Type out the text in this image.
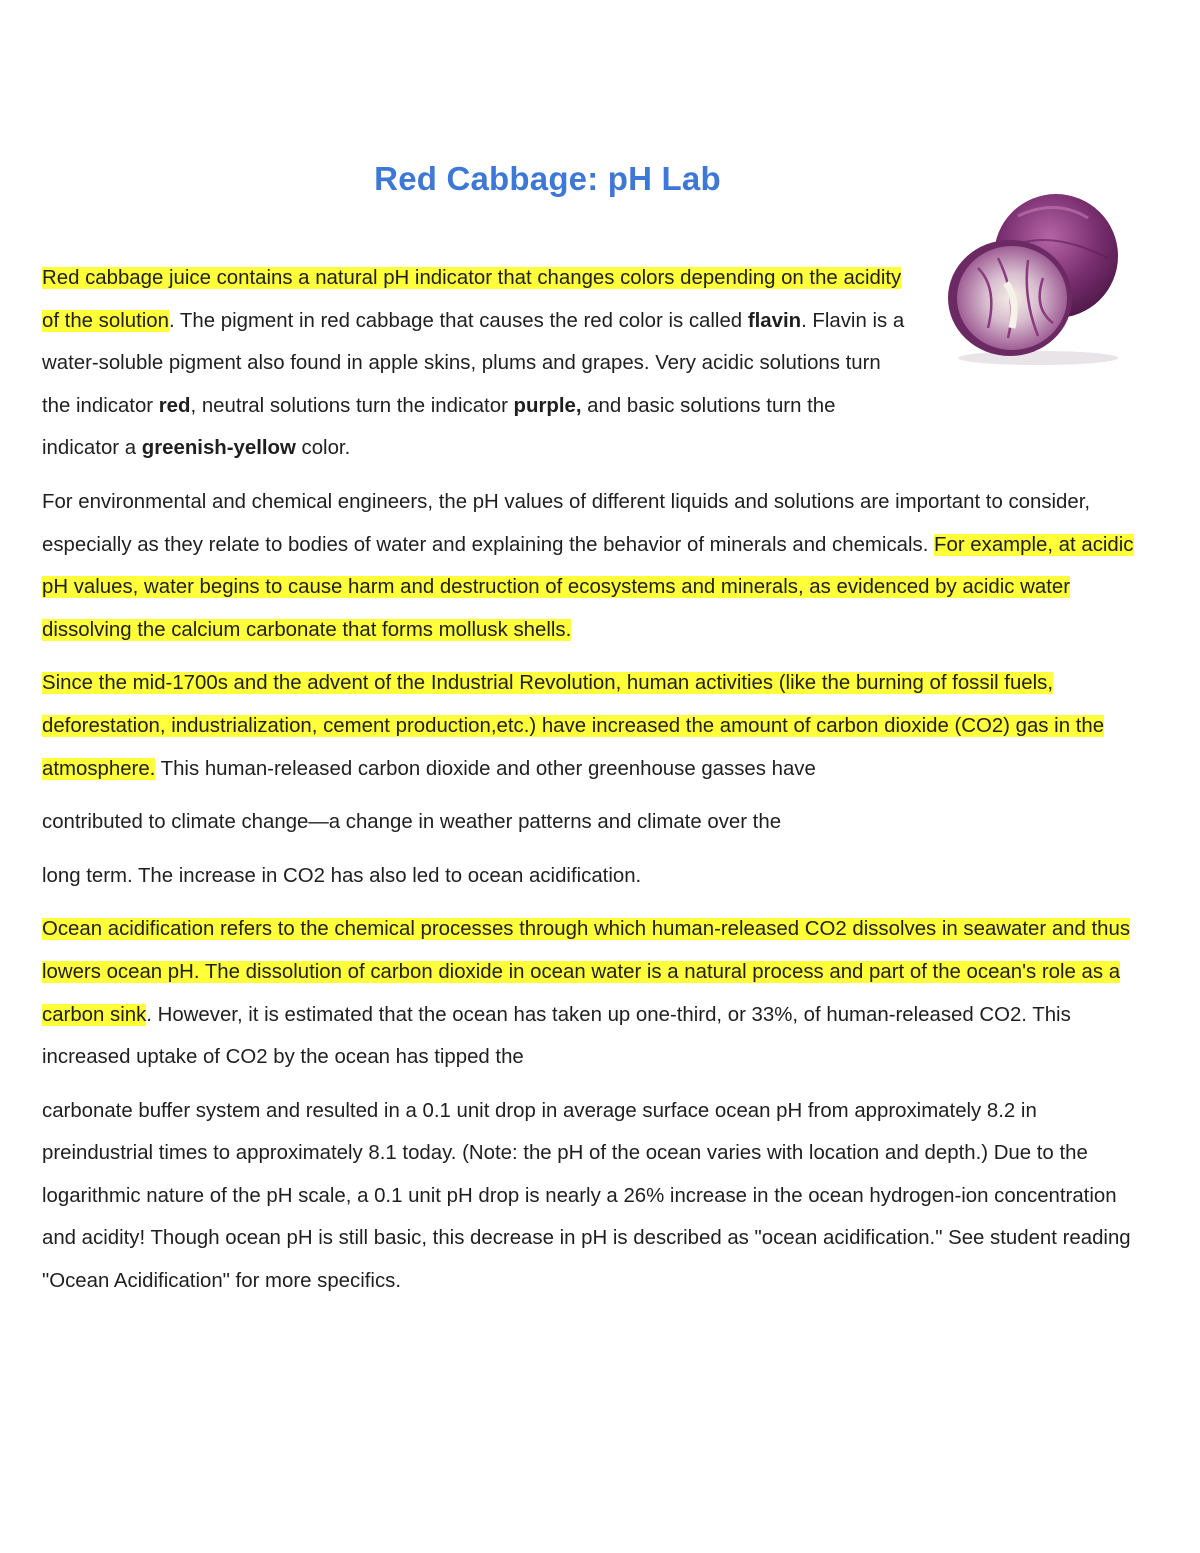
Red Cabbage: pH Lab

Red cabbage juice contains a natural pH indicator that changes colors depending on the acidity of the solution. The pigment in red cabbage that causes the red color is called flavin. Flavin is a water-soluble pigment also found in apple skins, plums and grapes. Very acidic solutions turn the indicator red, neutral solutions turn the indicator purple, and basic solutions turn the indicator a greenish-yellow color.

For environmental and chemical engineers, the pH values of different liquids and solutions are important to consider, especially as they relate to bodies of water and explaining the behavior of minerals and chemicals. For example, at acidic pH values, water begins to cause harm and destruction of ecosystems and minerals, as evidenced by acidic water dissolving the calcium carbonate that forms mollusk shells.

Since the mid-1700s and the advent of the Industrial Revolution, human activities (like the burning of fossil fuels, deforestation, industrialization, cement production,etc.) have increased the amount of carbon dioxide (CO2) gas in the atmosphere. This human-released carbon dioxide and other greenhouse gasses have

contributed to climate change—a change in weather patterns and climate over the

long term. The increase in CO2 has also led to ocean acidification.

Ocean acidification refers to the chemical processes through which human-released CO2 dissolves in seawater and thus lowers ocean pH. The dissolution of carbon dioxide in ocean water is a natural process and part of the ocean's role as a carbon sink. However, it is estimated that the ocean has taken up one-third, or 33%, of human-released CO2. This increased uptake of CO2 by the ocean has tipped the

carbonate buffer system and resulted in a 0.1 unit drop in average surface ocean pH from approximately 8.2 in preindustrial times to approximately 8.1 today. (Note: the pH of the ocean varies with location and depth.) Due to the logarithmic nature of the pH scale, a 0.1 unit pH drop is nearly a 26% increase in the ocean hydrogen-ion concentration and acidity! Though ocean pH is still basic, this decrease in pH is described as "ocean acidification." See student reading "Ocean Acidification" for more specifics.
